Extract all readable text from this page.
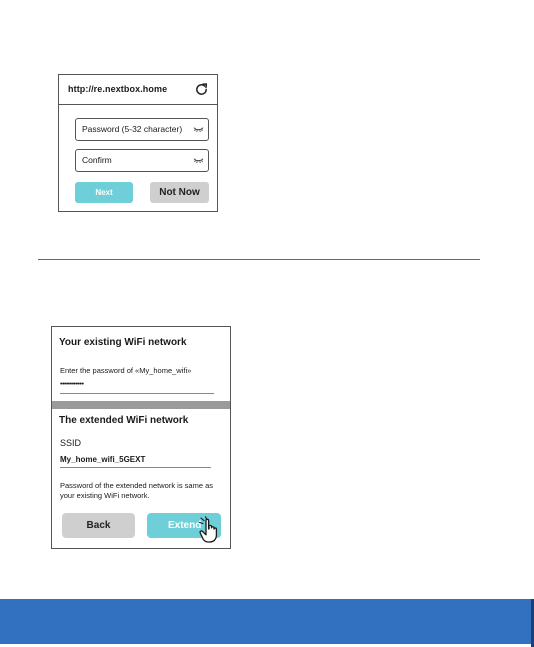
http://re.nextbox.home
Password (5-32 character)
Confirm
Next	Not Now
Your existing WiFi network
Enter the password of «My_home_wifi»
••••••••••••
The extended WiFi network
SSID
My_home_wifi_5GEXT
Password of the extended network is same as your existing WiFi network.
Back	Extend
